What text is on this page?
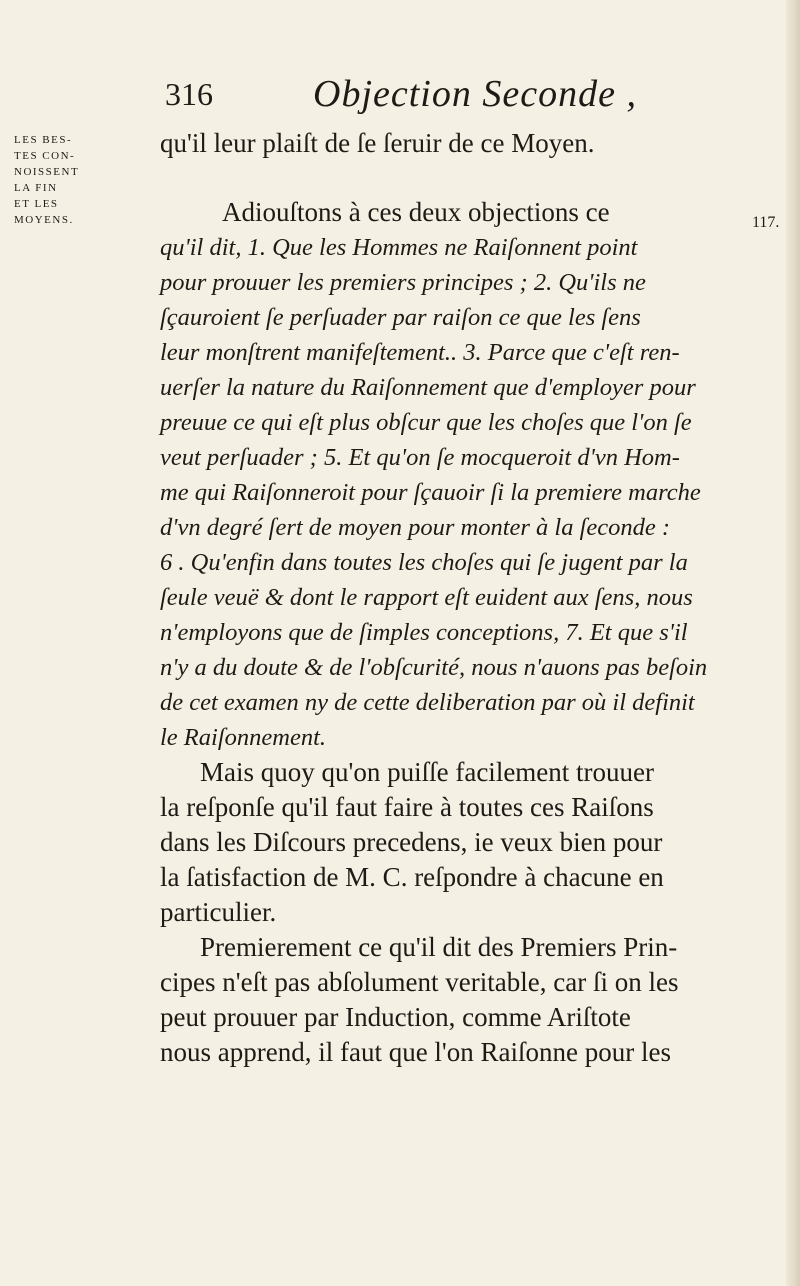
316	Objection Seconde ,
LES BES-
TES CON-
NOISSENT
LA FIN
ET LES
MOYENS.	117.
qu'il leur plaiſt de ſe ſeruir de ce Moyen.
Adiouſtons à ces deux objections ce
qu'il dit, 1. Que les Hommes ne Raiſonnent point
pour prouuer les premiers principes ; 2. Qu'ils ne
ſçauroient ſe perſuader par raiſon ce que les ſens
leur monſtrent manifeſtement.. 3. Parce que c'eſt ren-
uerſer la nature du Raiſonnement que d'employer pour
preuue ce qui eſt plus obſcur que les choſes que l'on ſe
veut perſuader ; 5. Et qu'on ſe mocqueroit d'vn Hom-
me qui Raiſonneroit pour ſçauoir ſi la premiere marche
d'vn degré ſert de moyen pour monter à la ſeconde :
6 . Qu'enfin dans toutes les choſes qui ſe jugent par la
ſeule veuë & dont le rapport eſt euident aux ſens, nous
n'employons que de ſimples conceptions, 7. Et que s'il
n'y a du doute & de l'obſcurité, nous n'auons pas beſoin
de cet examen ny de cette deliberation par où il definit
le Raiſonnement.
Mais quoy qu'on puiſſe facilement trouuer
la reſponſe qu'il faut faire à toutes ces Raiſons
dans les Diſcours precedens, ie veux bien pour
la ſatisfaction de M. C. reſpondre à chacune en
particulier.
Premierement ce qu'il dit des Premiers Prin-
cipes n'eſt pas abſolument veritable, car ſi on les
peut prouuer par Induction, comme Ariſtote
nous apprend, il faut que l'on Raiſonne pour les
